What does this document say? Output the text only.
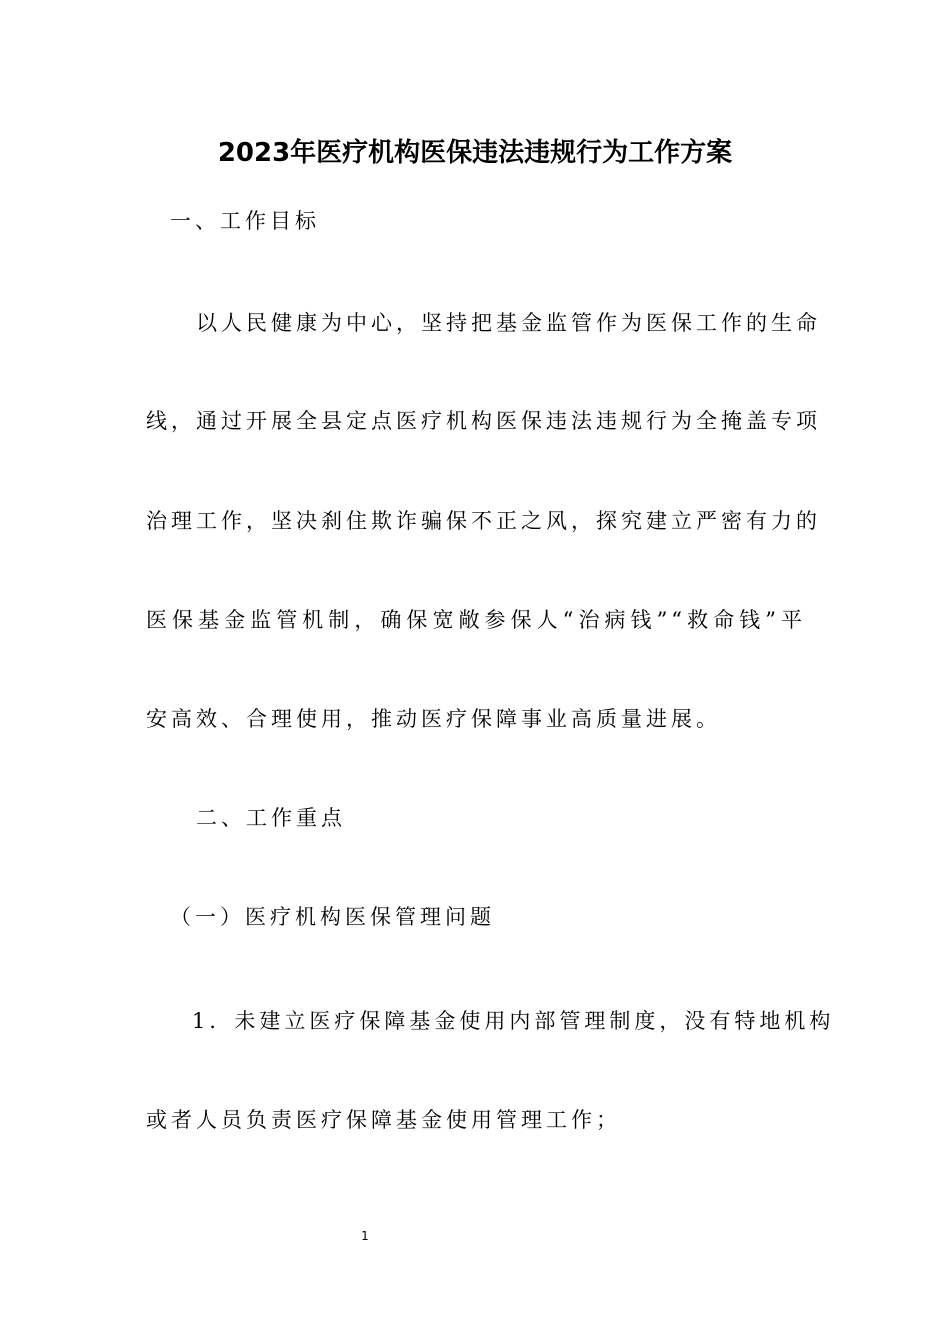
2023年医疗机构医保违法违规行为工作方案
一、工作目标
以人民健康为中心，坚持把基金监管作为医保工作的生命
线，通过开展全县定点医疗机构医保违法违规行为全掩盖专项
治理工作，坚决刹住欺诈骗保不正之风，探究建立严密有力的
医保基金监管机制，确保宽敞参保人“治病钱”“救命钱”平
安高效、合理使用，推动医疗保障事业高质量进展。
二、工作重点
（一）医疗机构医保管理问题
1．未建立医疗保障基金使用内部管理制度，没有特地机构
或者人员负责医疗保障基金使用管理工作；
1
